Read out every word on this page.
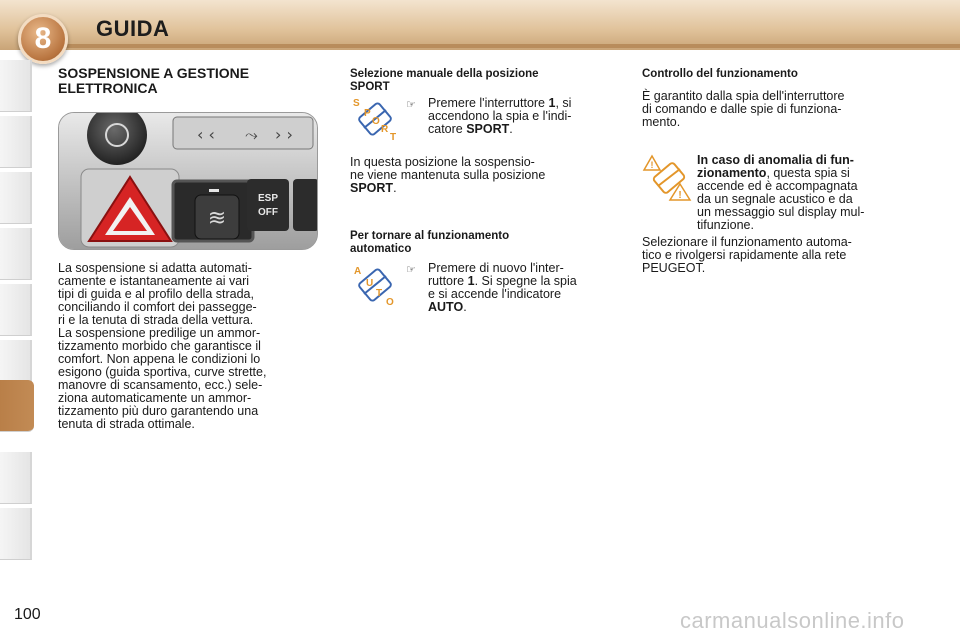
8 GUIDA
SOSPENSIONE A GESTIONE
ELETTRONICA
‹ ‹ ⤳ › ›
≋
ESP
OFF
La sospensione si adatta automati-
camente e istantaneamente ai vari
tipi di guida e al profilo della strada,
conciliando il comfort dei passegge-
ri e la tenuta di strada della vettura.
La sospensione predilige un ammor-
tizzamento morbido che garantisce il
comfort. Non appena le condizioni lo
esigono (guida sportiva, curve strette,
manovre di scansamento, ecc.) sele-
ziona automaticamente un ammor-
tizzamento più duro garantendo una
tenuta di strada ottimale.
Selezione manuale della posizione
SPORT
S
P
O
R
T
☞ Premere l'interruttore 1, si
accendono la spia e l'indi-
catore SPORT.
In questa posizione la sospensio-
ne viene mantenuta sulla posizione
SPORT.
Per tornare al funzionamento
automatico
A
U
T
O
☞ Premere di nuovo l'inter-
ruttore 1. Si spegne la spia
e si accende l'indicatore
AUTO.
Controllo del funzionamento
È garantito dalla spia dell'interruttore
di comando e dalle spie di funziona-
mento.
!
!
In caso di anomalia di fun-
zionamento, questa spia si
accende ed è accompagnata
da un segnale acustico e da
un messaggio sul display mul-
tifunzione.
Selezionare il funzionamento automa-
tico e rivolgersi rapidamente alla rete
PEUGEOT.
100	carmanualsonline.info
